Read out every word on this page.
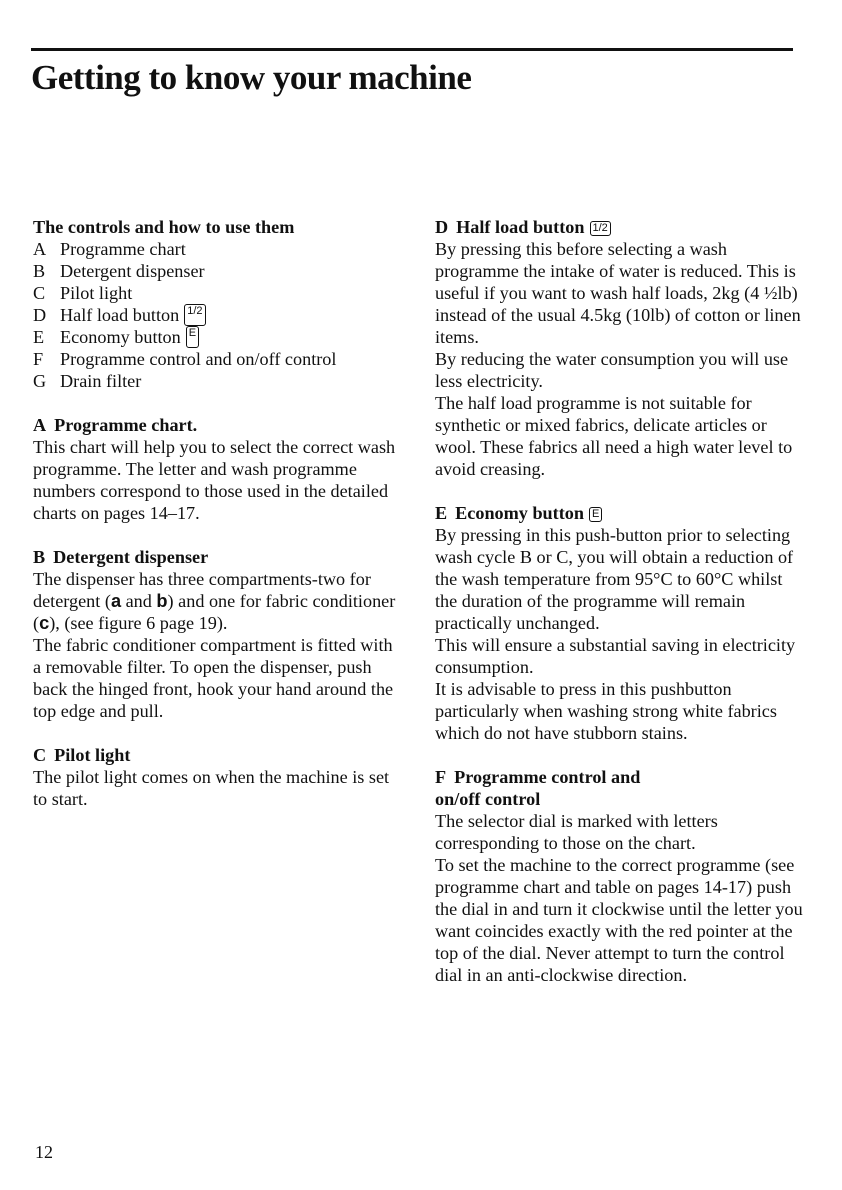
Getting to know your machine

The controls and how to use them

A Programme chart
B Detergent dispenser
C Pilot light
D Half load button 1/2
E Economy button E
F Programme control and on/off control
G Drain filter

A Programme chart.

This chart will help you to select the correct wash programme. The letter and wash programme numbers correspond to those used in the detailed charts on pages 14–17.

B Detergent dispenser

The dispenser has three compartments-two for detergent (a and b) and one for fabric conditioner (c), (see figure 6 page 19).

The fabric conditioner compartment is fitted with a removable filter. To open the dispenser, push back the hinged front, hook your hand around the top edge and pull.

C Pilot light

The pilot light comes on when the machine is set to start.

D Half load button 1/2

By pressing this before selecting a wash programme the intake of water is reduced. This is useful if you want to wash half loads, 2kg (4 ½lb) instead of the usual 4.5kg (10lb) of cotton or linen items.

By reducing the water consumption you will use less electricity.

The half load programme is not suitable for synthetic or mixed fabrics, delicate articles or wool. These fabrics all need a high water level to avoid creasing.

E Economy button E

By pressing in this push-button prior to selecting wash cycle B or C, you will obtain a reduction of the wash temperature from 95°C to 60°C whilst the duration of the programme will remain practically unchanged.

This will ensure a substantial saving in electricity consumption.

It is advisable to press in this pushbutton particularly when washing strong white fabrics which do not have stubborn stains.

F Programme control and

on/off control

The selector dial is marked with letters corresponding to those on the chart.

To set the machine to the correct programme (see programme chart and table on pages 14-17) push the dial in and turn it clockwise until the letter you want coincides exactly with the red pointer at the top of the dial. Never attempt to turn the control dial in an anti-clockwise direction.

12
